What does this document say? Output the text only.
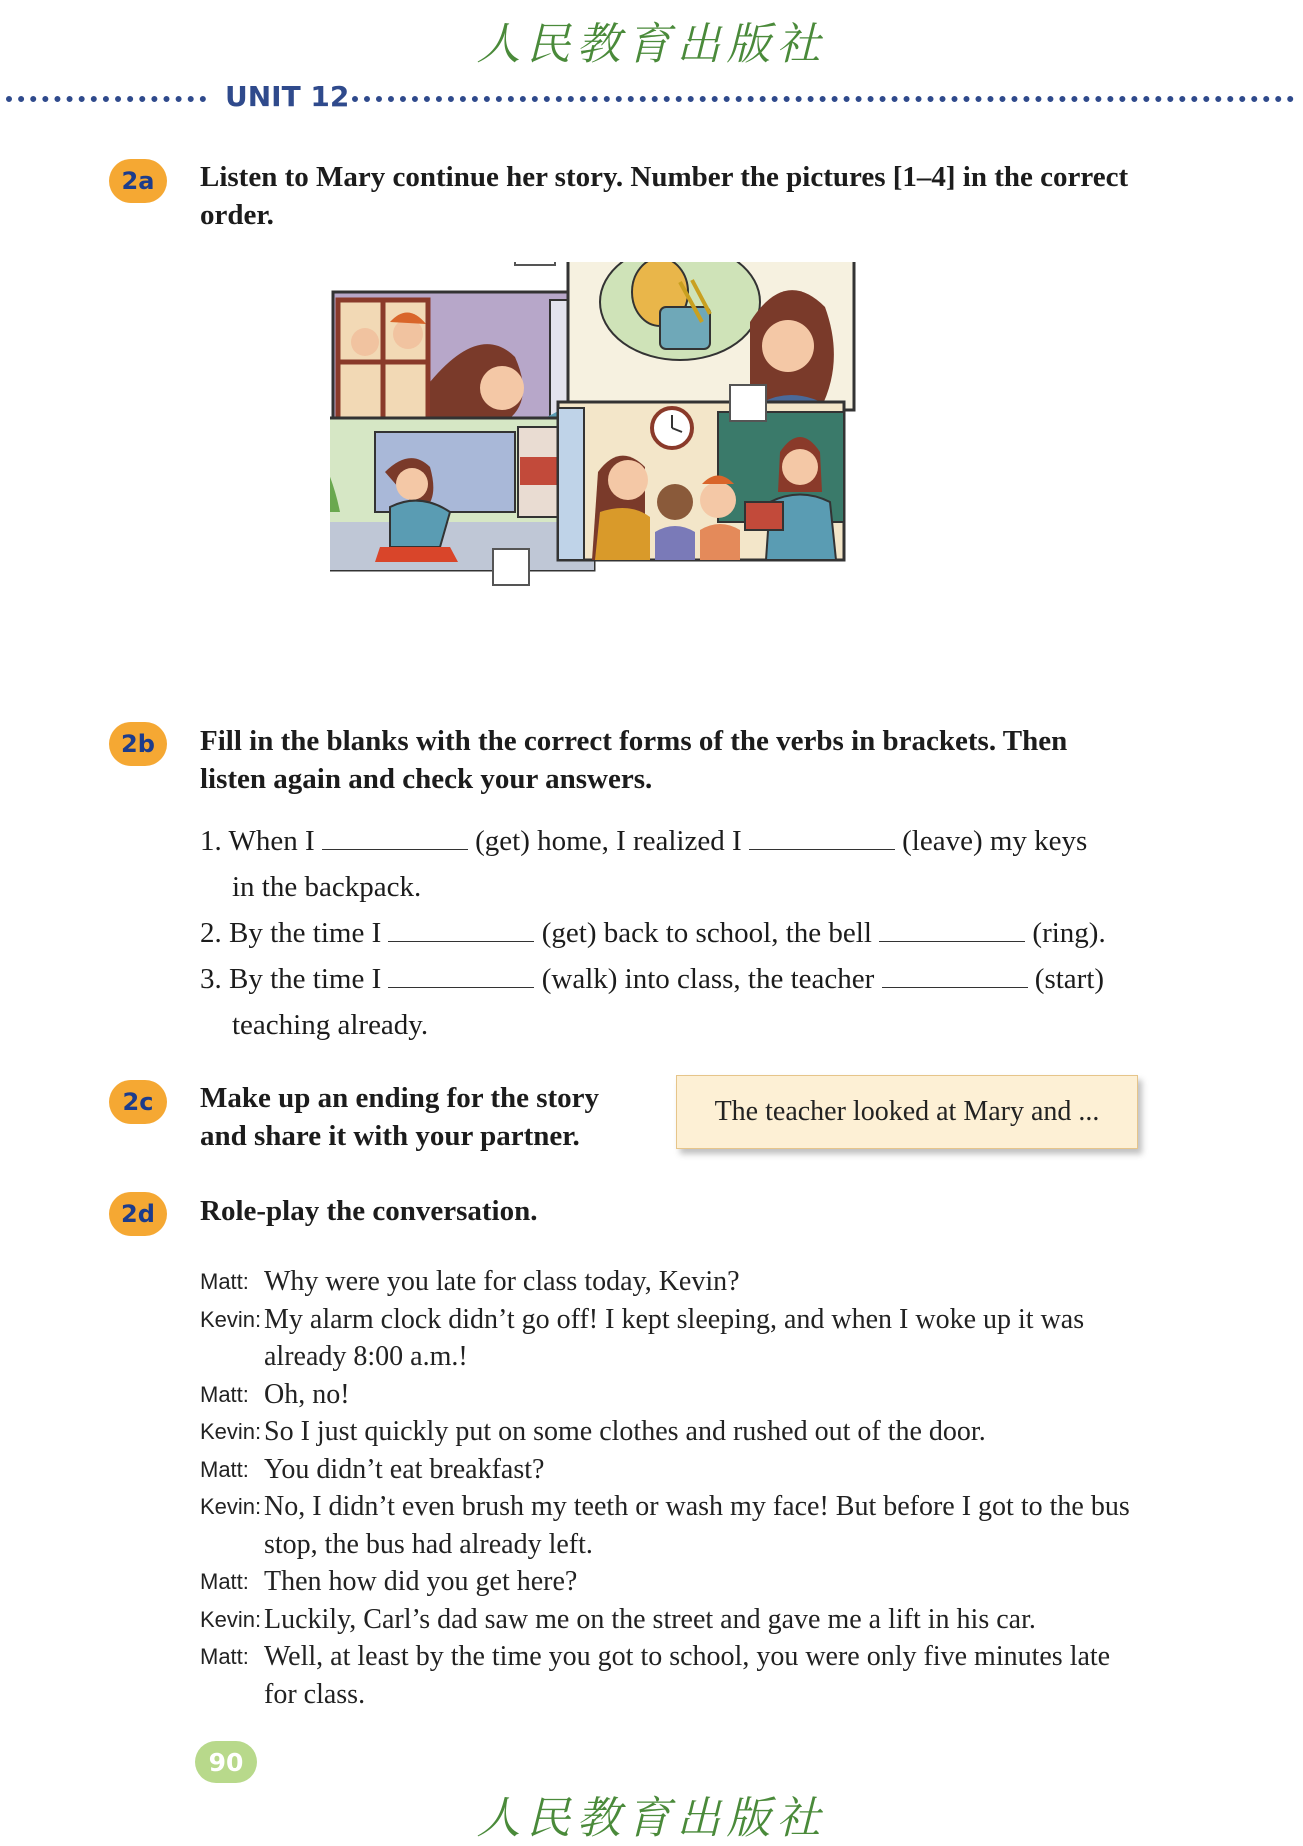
人民教育出版社
UNIT 12
2a	Listen to Mary continue her story. Number the pictures [1–4] in the correct order.
2b	Fill in the blanks with the correct forms of the verbs in brackets. Then listen again and check your answers.
1. When I	(get) home, I realized I	(leave) my keys
in the backpack.
2. By the time I	(get) back to school, the bell	(ring).
3. By the time I	(walk) into class, the teacher	(start)
teaching already.
2c	Make up an ending for the story and share it with your partner.
The teacher looked at Mary and ...
2d	Role-play the conversation.
Matt: Why were you late for class today, Kevin?
Kevin: My alarm clock didn’t go off! I kept sleeping, and when I woke up it was already 8:00 a.m.!
Matt: Oh, no!
Kevin: So I just quickly put on some clothes and rushed out of the door.
Matt: You didn’t eat breakfast?
Kevin: No, I didn’t even brush my teeth or wash my face! But before I got to the bus stop, the bus had already left.
Matt: Then how did you get here?
Kevin: Luckily, Carl’s dad saw me on the street and gave me a lift in his car.
Matt: Well, at least by the time you got to school, you were only five minutes late for class.
90
人民教育出版社
